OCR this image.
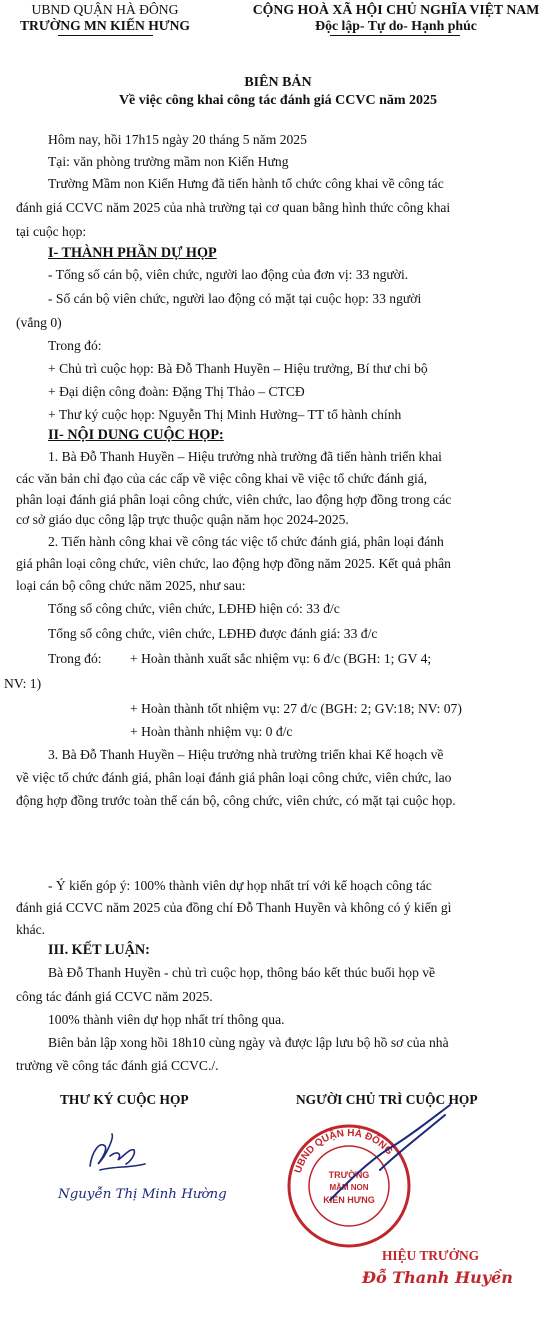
UBND QUẬN HÀ ĐÔNG
TRƯỜNG MN KIẾN HƯNG
CỘNG HOÀ XÃ HỘI CHỦ NGHĨA VIỆT NAM
Độc lập- Tự do- Hạnh phúc
BIÊN BẢN
Về việc công khai công tác đánh giá CCVC năm 2025
Hôm nay, hồi 17h15 ngày 20 tháng 5 năm 2025
Tại: văn phòng trường mầm non Kiến Hưng
Trường Mầm non Kiến Hưng đã tiến hành tổ chức công khai về công tác
đánh giá CCVC năm 2025 của nhà trường tại cơ quan bằng hình thức công khai
tại cuộc họp:
I- THÀNH PHẦN DỰ HỌP
- Tổng số cán bộ, viên chức, người lao động của đơn vị: 33 người.
- Số cán bộ viên chức, người lao động có mặt tại cuộc họp: 33 người
(vắng 0)
Trong đó:
+ Chủ trì cuộc họp: Bà Đỗ Thanh Huyền – Hiệu trưởng, Bí thư chi bộ
+ Đại diện công đoàn: Đặng Thị Thảo – CTCĐ
+ Thư ký cuộc họp: Nguyễn Thị Minh Hường– TT tổ hành chính
II- NỘI DUNG CUỘC HỌP:
1. Bà Đỗ Thanh Huyền – Hiệu trưởng nhà trường đã tiến hành triển khai
các văn bản chỉ đạo của các cấp về việc công khai về việc tổ chức đánh giá,
phân loại đánh giá phân loại công chức, viên chức, lao động hợp đồng trong các
cơ sở giáo dục công lập trực thuộc quận năm học 2024-2025.
2. Tiến hành công khai về công tác việc tổ chức đánh giá, phân loại đánh
giá phân loại công chức, viên chức, lao động hợp đồng năm 2025. Kết quả phân
loại cán bộ công chức năm 2025, như sau:
Tổng số công chức, viên chức, LĐHĐ hiện có: 33 đ/c
Tổng số công chức, viên chức, LĐHĐ được đánh giá: 33 đ/c
Trong đó: + Hoàn thành xuất sắc nhiệm vụ: 6 đ/c (BGH: 1; GV 4;
NV: 1)
+ Hoàn thành tốt nhiệm vụ: 27 đ/c (BGH: 2; GV:18; NV: 07)
+ Hoàn thành nhiệm vụ: 0 đ/c
3. Bà Đỗ Thanh Huyền – Hiệu trưởng nhà trường triển khai Kế hoạch về
về việc tổ chức đánh giá, phân loại đánh giá phân loại công chức, viên chức, lao
động hợp đồng trước toàn thể cán bộ, công chức, viên chức, có mặt tại cuộc họp.
- Ý kiến góp ý: 100% thành viên dự họp nhất trí với kế hoạch công tác
đánh giá CCVC năm 2025 của đồng chí Đỗ Thanh Huyền và không có ý kiến gì
khác.
III. KẾT LUẬN:
Bà Đỗ Thanh Huyền - chủ trì cuộc họp, thông báo kết thúc buổi họp về
công tác đánh giá CCVC năm 2025.
100% thành viên dự họp nhất trí thông qua.
Biên bản lập xong hồi 18h10 cùng ngày và được lập lưu bộ hồ sơ của nhà
trường về công tác đánh giá CCVC./.
THƯ KÝ CUỘC HỌP	NGƯỜI CHỦ TRÌ CUỘC HỌP
Nguyễn Thị Minh Hường
UBND QUẬN HÀ ĐÔNG
TRƯỜNG
MẦM NON
KIẾN HƯNG
HIỆU TRƯỞNG
Đỗ Thanh Huyền
